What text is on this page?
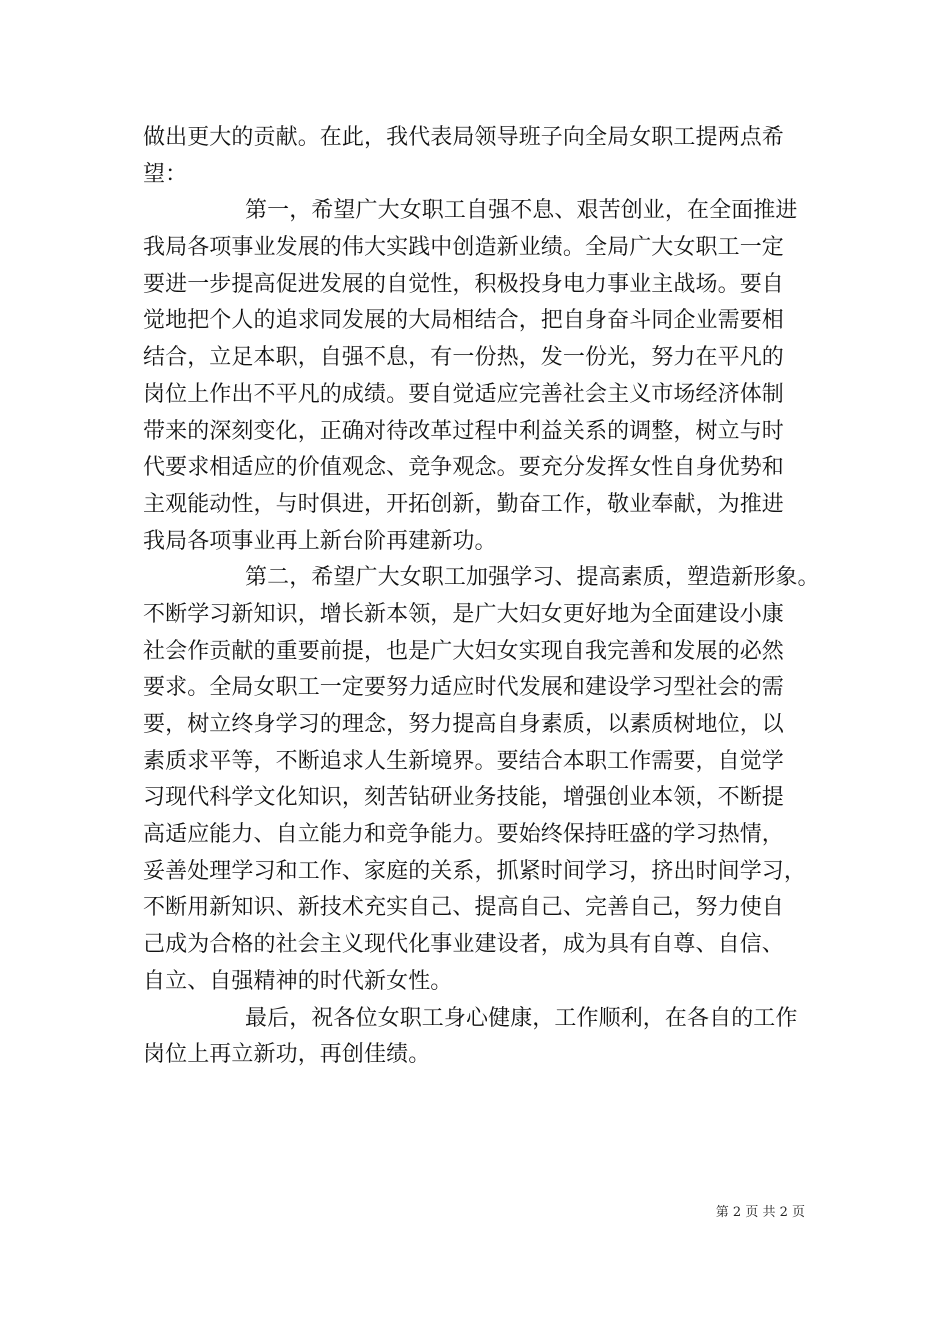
做出更大的贡献。在此，我代表局领导班子向全局女职工提两点希
望：
第一，希望广大女职工自强不息、艰苦创业，在全面推进
我局各项事业发展的伟大实践中创造新业绩。全局广大女职工一定
要进一步提高促进发展的自觉性，积极投身电力事业主战场。要自
觉地把个人的追求同发展的大局相结合，把自身奋斗同企业需要相
结合，立足本职，自强不息，有一份热，发一份光，努力在平凡的
岗位上作出不平凡的成绩。要自觉适应完善社会主义市场经济体制
带来的深刻变化，正确对待改革过程中利益关系的调整，树立与时
代要求相适应的价值观念、竞争观念。要充分发挥女性自身优势和
主观能动性，与时俱进，开拓创新，勤奋工作，敬业奉献，为推进
我局各项事业再上新台阶再建新功。
第二，希望广大女职工加强学习、提高素质，塑造新形象。
不断学习新知识，增长新本领，是广大妇女更好地为全面建设小康
社会作贡献的重要前提，也是广大妇女实现自我完善和发展的必然
要求。全局女职工一定要努力适应时代发展和建设学习型社会的需
要，树立终身学习的理念，努力提高自身素质，以素质树地位，以
素质求平等，不断追求人生新境界。要结合本职工作需要，自觉学
习现代科学文化知识，刻苦钻研业务技能，增强创业本领，不断提
高适应能力、自立能力和竞争能力。要始终保持旺盛的学习热情，
妥善处理学习和工作、家庭的关系，抓紧时间学习，挤出时间学习，
不断用新知识、新技术充实自己、提高自己、完善自己，努力使自
己成为合格的社会主义现代化事业建设者，成为具有自尊、自信、
自立、自强精神的时代新女性。
最后，祝各位女职工身心健康，工作顺利，在各自的工作
岗位上再立新功，再创佳绩。
第 2 页 共 2 页
